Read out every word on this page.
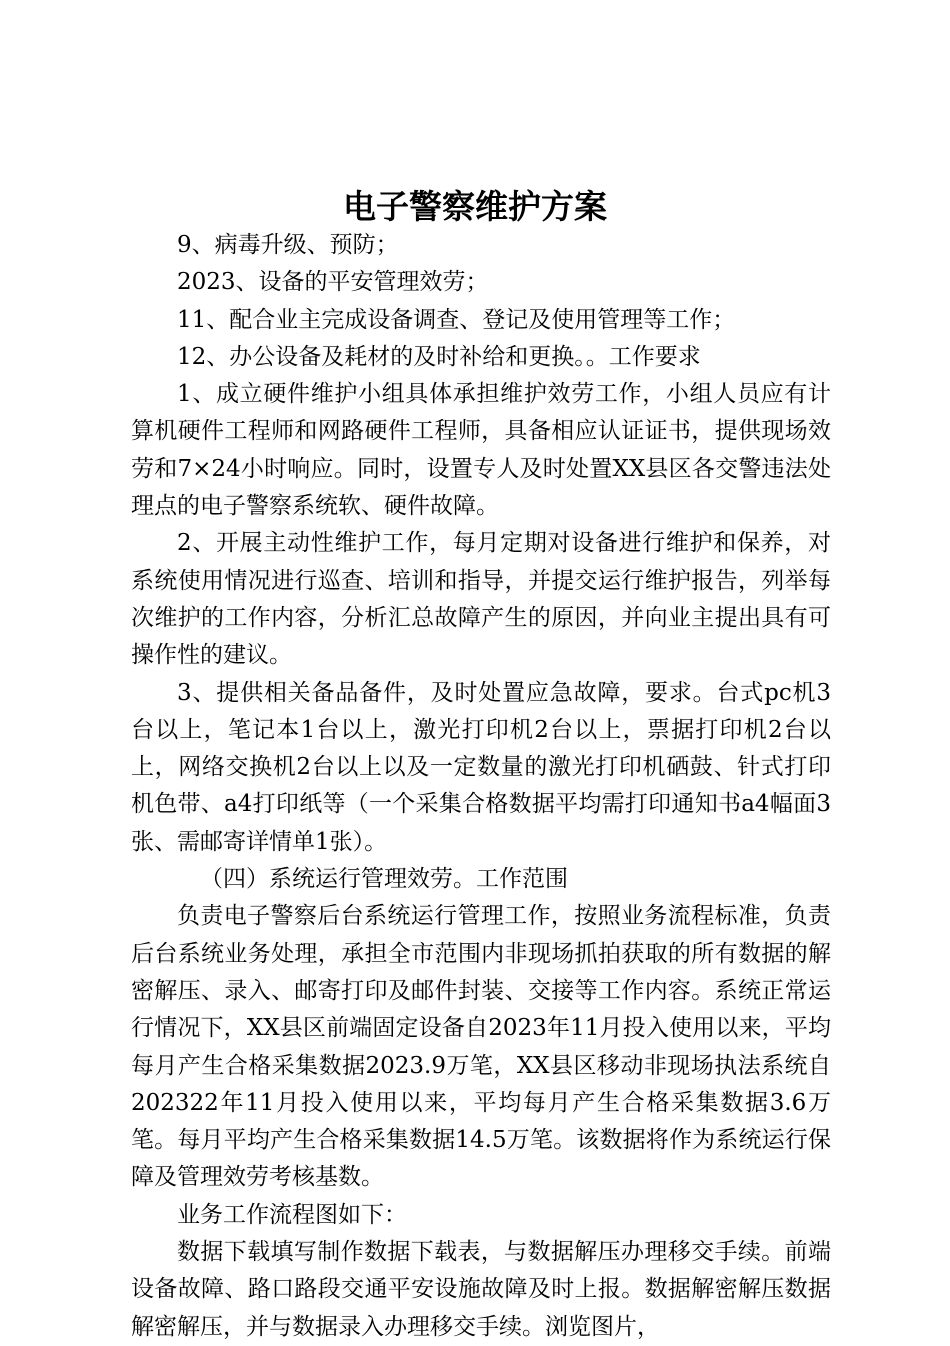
电子警察维护方案

9、病毒升级、预防；

2023、设备的平安管理效劳；

11、配合业主完成设备调查、登记及使用管理等工作；

12、办公设备及耗材的及时补给和更换。。工作要求

1、成立硬件维护小组具体承担维护效劳工作，小组人员应有计算机硬件工程师和网路硬件工程师，具备相应认证证书，提供现场效劳和7×24小时响应。同时，设置专人及时处置XX县区各交警违法处理点的电子警察系统软、硬件故障。

2、开展主动性维护工作，每月定期对设备进行维护和保养，对系统使用情况进行巡查、培训和指导，并提交运行维护报告，列举每次维护的工作内容，分析汇总故障产生的原因，并向业主提出具有可操作性的建议。

3、提供相关备品备件，及时处置应急故障，要求。台式pc机3台以上，笔记本1台以上，激光打印机2台以上，票据打印机2台以上，网络交换机2台以上以及一定数量的激光打印机硒鼓、针式打印机色带、a4打印纸等（一个采集合格数据平均需打印通知书a4幅面3张、需邮寄详情单1张）。

（四）系统运行管理效劳。工作范围

负责电子警察后台系统运行管理工作，按照业务流程标准，负责后台系统业务处理，承担全市范围内非现场抓拍获取的所有数据的解密解压、录入、邮寄打印及邮件封装、交接等工作内容。系统正常运行情况下，XX县区前端固定设备自2023年11月投入使用以来，平均每月产生合格采集数据2023.9万笔，XX县区移动非现场执法系统自202322年11月投入使用以来，平均每月产生合格采集数据3.6万笔。每月平均产生合格采集数据14.5万笔。该数据将作为系统运行保障及管理效劳考核基数。

业务工作流程图如下：

数据下载填写制作数据下载表，与数据解压办理移交手续。前端设备故障、路口路段交通平安设施故障及时上报。数据解密解压数据解密解压，并与数据录入办理移交手续。浏览图片，
